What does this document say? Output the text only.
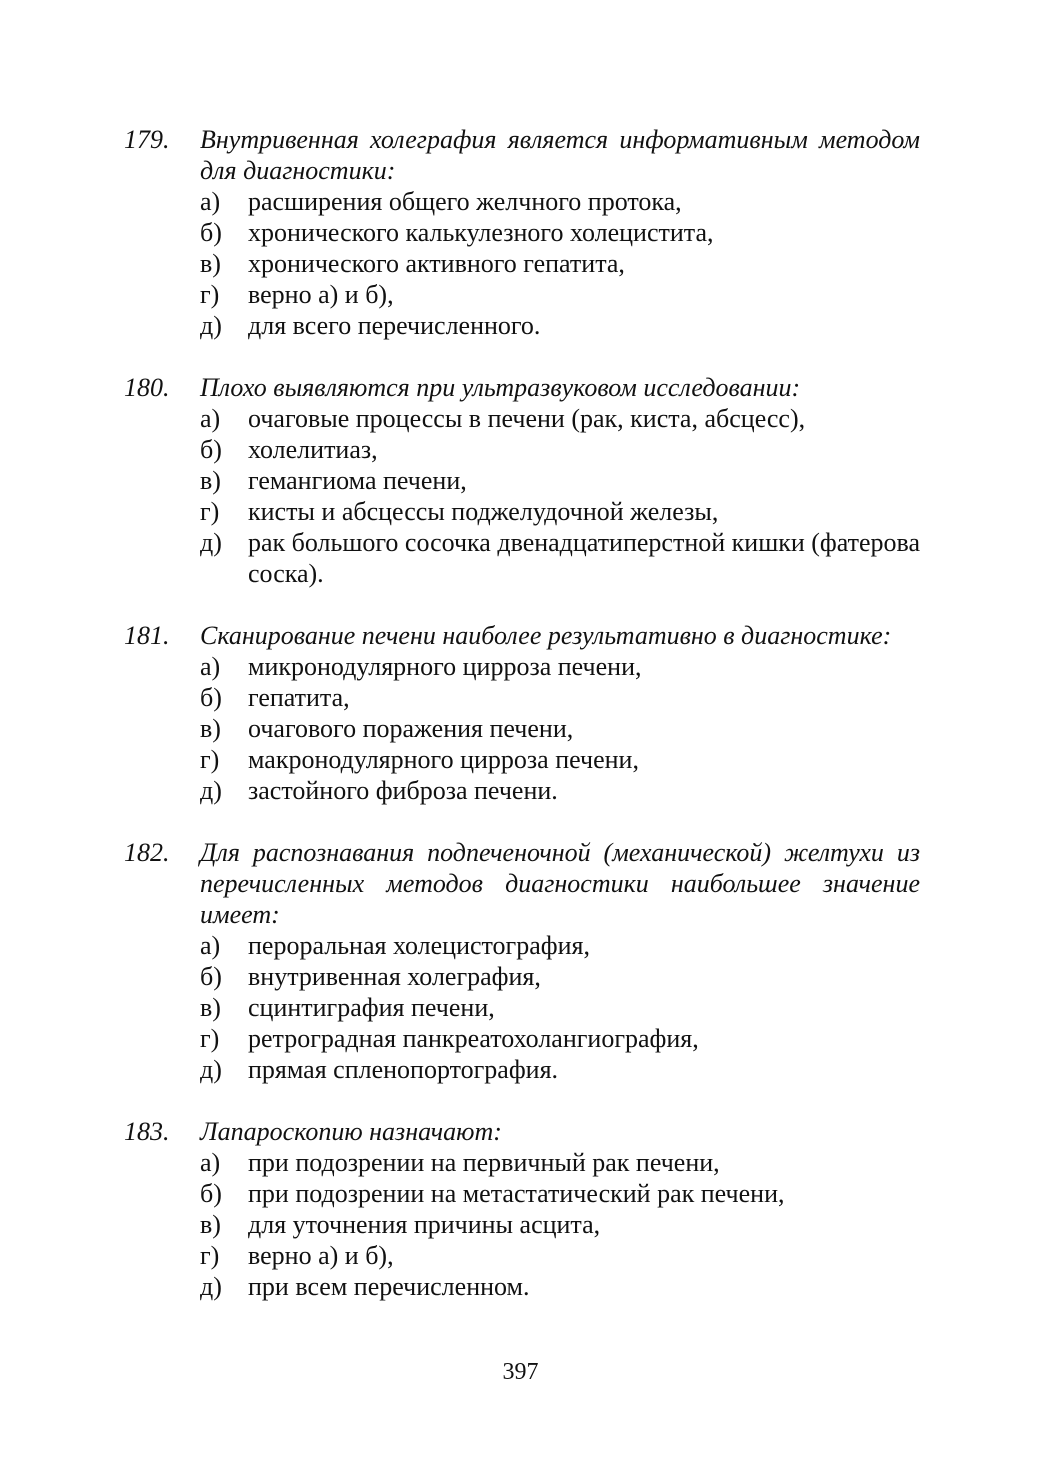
179.	Внутривенная холеграфия является информативным методом для диагностики:
а)	расширения общего желчного протока,
б)	хронического калькулезного холецистита,
в)	хронического активного гепатита,
г)	верно а) и б),
д)	для всего перечисленного.
180.	Плохо выявляются при ультразвуковом исследовании:
а)	очаговые процессы в печени (рак, киста, абсцесс),
б)	холелитиаз,
в)	гемангиома печени,
г)	кисты и абсцессы поджелудочной железы,
д)	рак большого сосочка двенадцатиперстной кишки (фатерова соска).
181.	Сканирование печени наиболее результативно в диагностике:
а)	микронодулярного цирроза печени,
б)	гепатита,
в)	очагового поражения печени,
г)	макронодулярного цирроза печени,
д)	застойного фиброза печени.
182.	Для распознавания подпеченочной (механической) желтухи из перечисленных методов диагностики наибольшее значение имеет:
а)	пероральная холецистография,
б)	внутривенная холеграфия,
в)	сцинтиграфия печени,
г)	ретроградная панкреатохолангиография,
д)	прямая спленопортография.
183.	Лапароскопию назначают:
а)	при подозрении на первичный рак печени,
б)	при подозрении на метастатический рак печени,
в)	для уточнения причины асцита,
г)	верно а) и б),
д)	при всем перечисленном.
397
